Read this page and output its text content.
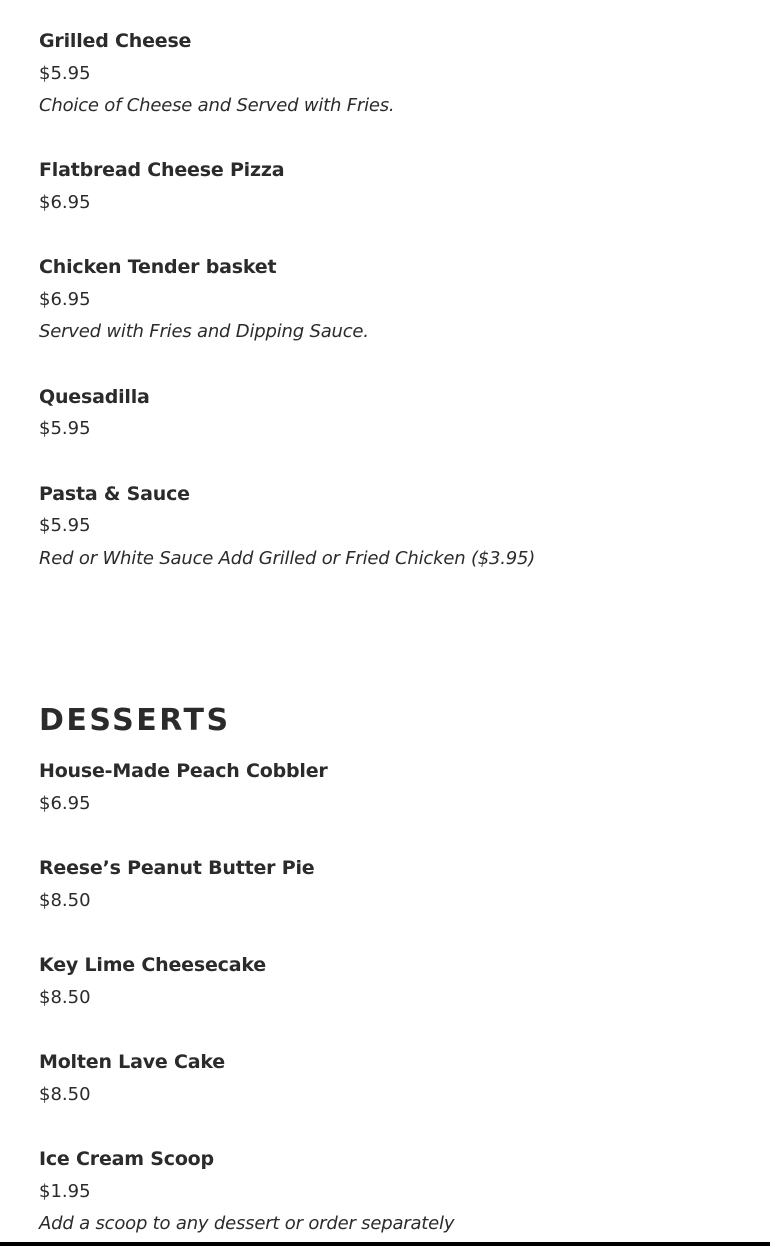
Grilled Cheese

$5.95

Choice of Cheese and Served with Fries.

Flatbread Cheese Pizza

$6.95

Chicken Tender basket

$6.95

Served with Fries and Dipping Sauce.

Quesadilla

$5.95

Pasta & Sauce

$5.95

Red or White Sauce Add Grilled or Fried Chicken ($3.95)

DESSERTS
House-Made Peach Cobbler

$6.95

Reese’s Peanut Butter Pie

$8.50

Key Lime Cheesecake

$8.50

Molten Lave Cake

$8.50

Ice Cream Scoop

$1.95

Add a scoop to any dessert or order separately
